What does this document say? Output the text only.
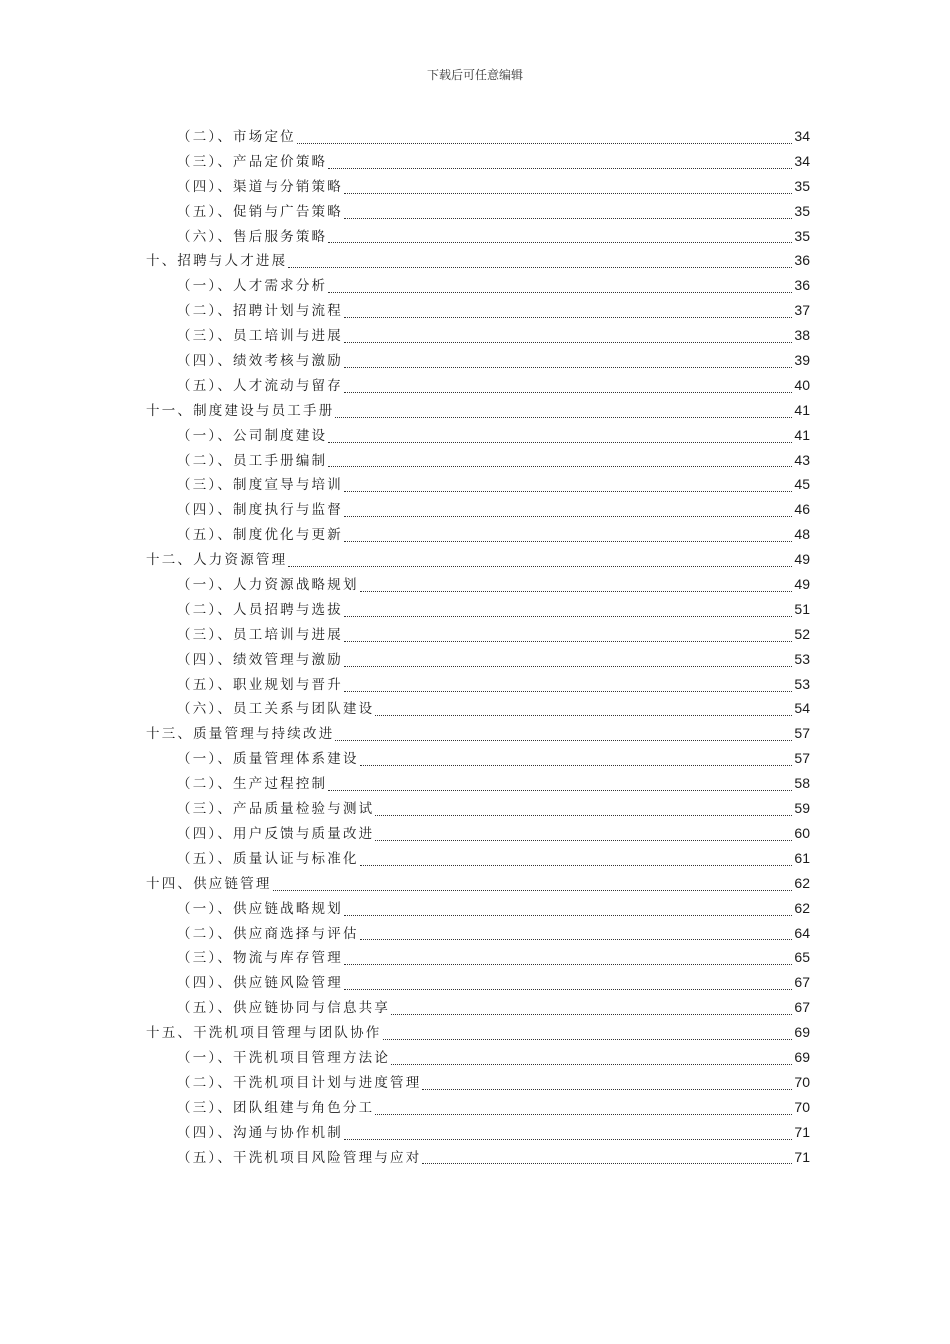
下载后可任意编辑
（二）、市场定位	34
（三）、产品定价策略	34
（四）、渠道与分销策略	35
（五）、促销与广告策略	35
（六）、售后服务策略	35
十、招聘与人才进展	36
（一）、人才需求分析	36
（二）、招聘计划与流程	37
（三）、员工培训与进展	38
（四）、绩效考核与激励	39
（五）、人才流动与留存	40
十一、制度建设与员工手册	41
（一）、公司制度建设	41
（二）、员工手册编制	43
（三）、制度宣导与培训	45
（四）、制度执行与监督	46
（五）、制度优化与更新	48
十二、人力资源管理	49
（一）、人力资源战略规划	49
（二）、人员招聘与选拔	51
（三）、员工培训与进展	52
（四）、绩效管理与激励	53
（五）、职业规划与晋升	53
（六）、员工关系与团队建设	54
十三、质量管理与持续改进	57
（一）、质量管理体系建设	57
（二）、生产过程控制	58
（三）、产品质量检验与测试	59
（四）、用户反馈与质量改进	60
（五）、质量认证与标准化	61
十四、供应链管理	62
（一）、供应链战略规划	62
（二）、供应商选择与评估	64
（三）、物流与库存管理	65
（四）、供应链风险管理	67
（五）、供应链协同与信息共享	67
十五、干洗机项目管理与团队协作	69
（一）、干洗机项目管理方法论	69
（二）、干洗机项目计划与进度管理	70
（三）、团队组建与角色分工	70
（四）、沟通与协作机制	71
（五）、干洗机项目风险管理与应对	71
